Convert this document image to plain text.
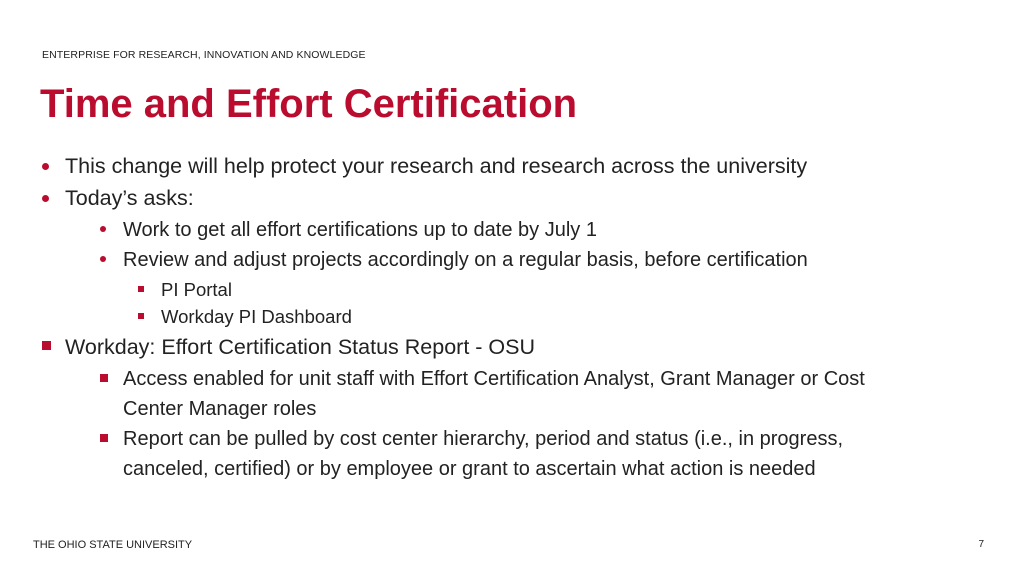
ENTERPRISE FOR RESEARCH, INNOVATION AND KNOWLEDGE
Time and Effort Certification
This change will help protect your research and research across the university
Today’s asks:
Work to get all effort certifications up to date by July 1
Review and adjust projects accordingly on a regular basis, before certification
PI Portal
Workday PI Dashboard
Workday: Effort Certification Status Report - OSU
Access enabled for unit staff with Effort Certification Analyst, Grant Manager or Cost
Center Manager roles
Report can be pulled by cost center hierarchy, period and status (i.e., in progress,
canceled, certified) or by employee or grant to ascertain what action is needed
THE OHIO STATE UNIVERSITY	7
